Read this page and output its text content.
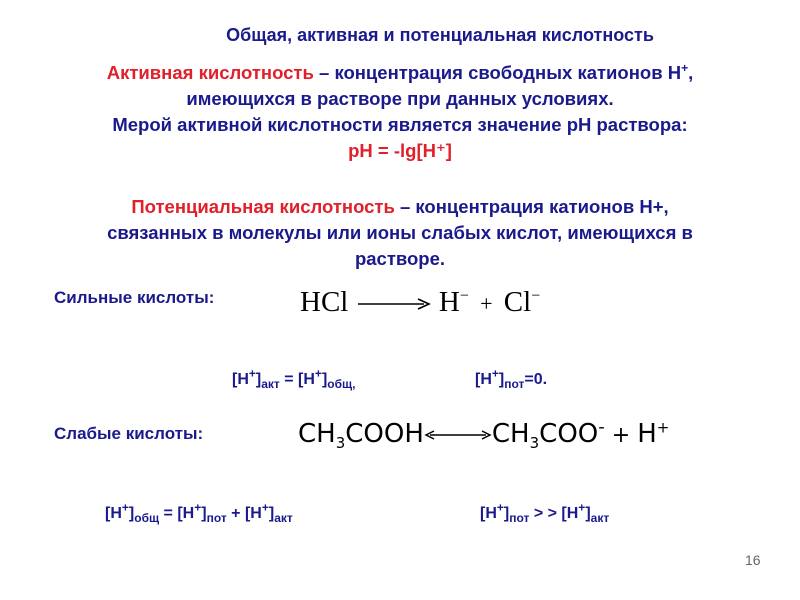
Общая, активная и потенциальная кислотность
Активная кислотность – концентрация свободных катионов Н+,
имеющихся в растворе при данных условиях.
Мерой активной кислотности является значение pH раствора:
pH = -lg[H⁺]
Потенциальная кислотность – концентрация катионов Н+,
связанных в молекулы или ионы слабых кислот, имеющихся в
растворе.
Сильные кислоты:	HCl	H− + Cl−
$[H^+]_{акт} = [H^+]_{общ,}$	$[H^+]_{пот}=0$.
Слабые кислоты:	$CH_3COOH$	$CH_3COO^- + H^+$
$[H^+]_{общ} = [H^+]_{пот} + [H^+]_{акт}$	$[H^+]_{пот}$ > > $[H^+]_{акт}$
16
